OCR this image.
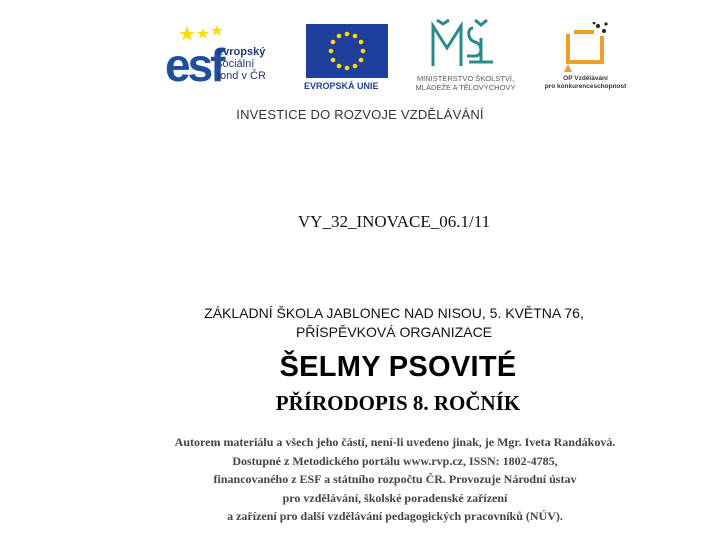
esf
evropský
sociální
fond v ČR
EVROPSKÁ UNIE
MINISTERSTVO ŠKOLSTVÍ,
MLÁDEŽE A TĚLOVÝCHOVY
OP Vzdělávání
pro konkurenceschopnost
INVESTICE DO ROZVOJE VZDĚLÁVÁNÍ
VY_32_INOVACE_06.1/11
ZÁKLADNÍ ŠKOLA JABLONEC NAD NISOU, 5. KVĚTNA 76,
PŘÍSPĚVKOVÁ ORGANIZACE
ŠELMY PSOVITÉ
PŘÍRODOPIS 8. ROČNÍK
Autorem materiálu a všech jeho částí, není-li uvedeno jinak, je Mgr. Iveta Randáková.
Dostupné z Metodického portálu www.rvp.cz, ISSN: 1802-4785,
financovaného z ESF a státního rozpočtu ČR. Provozuje Národní ústav
pro vzdělávání, školské poradenské zařízení
a zařízení pro další vzdělávání pedagogických pracovníků (NÚV).
